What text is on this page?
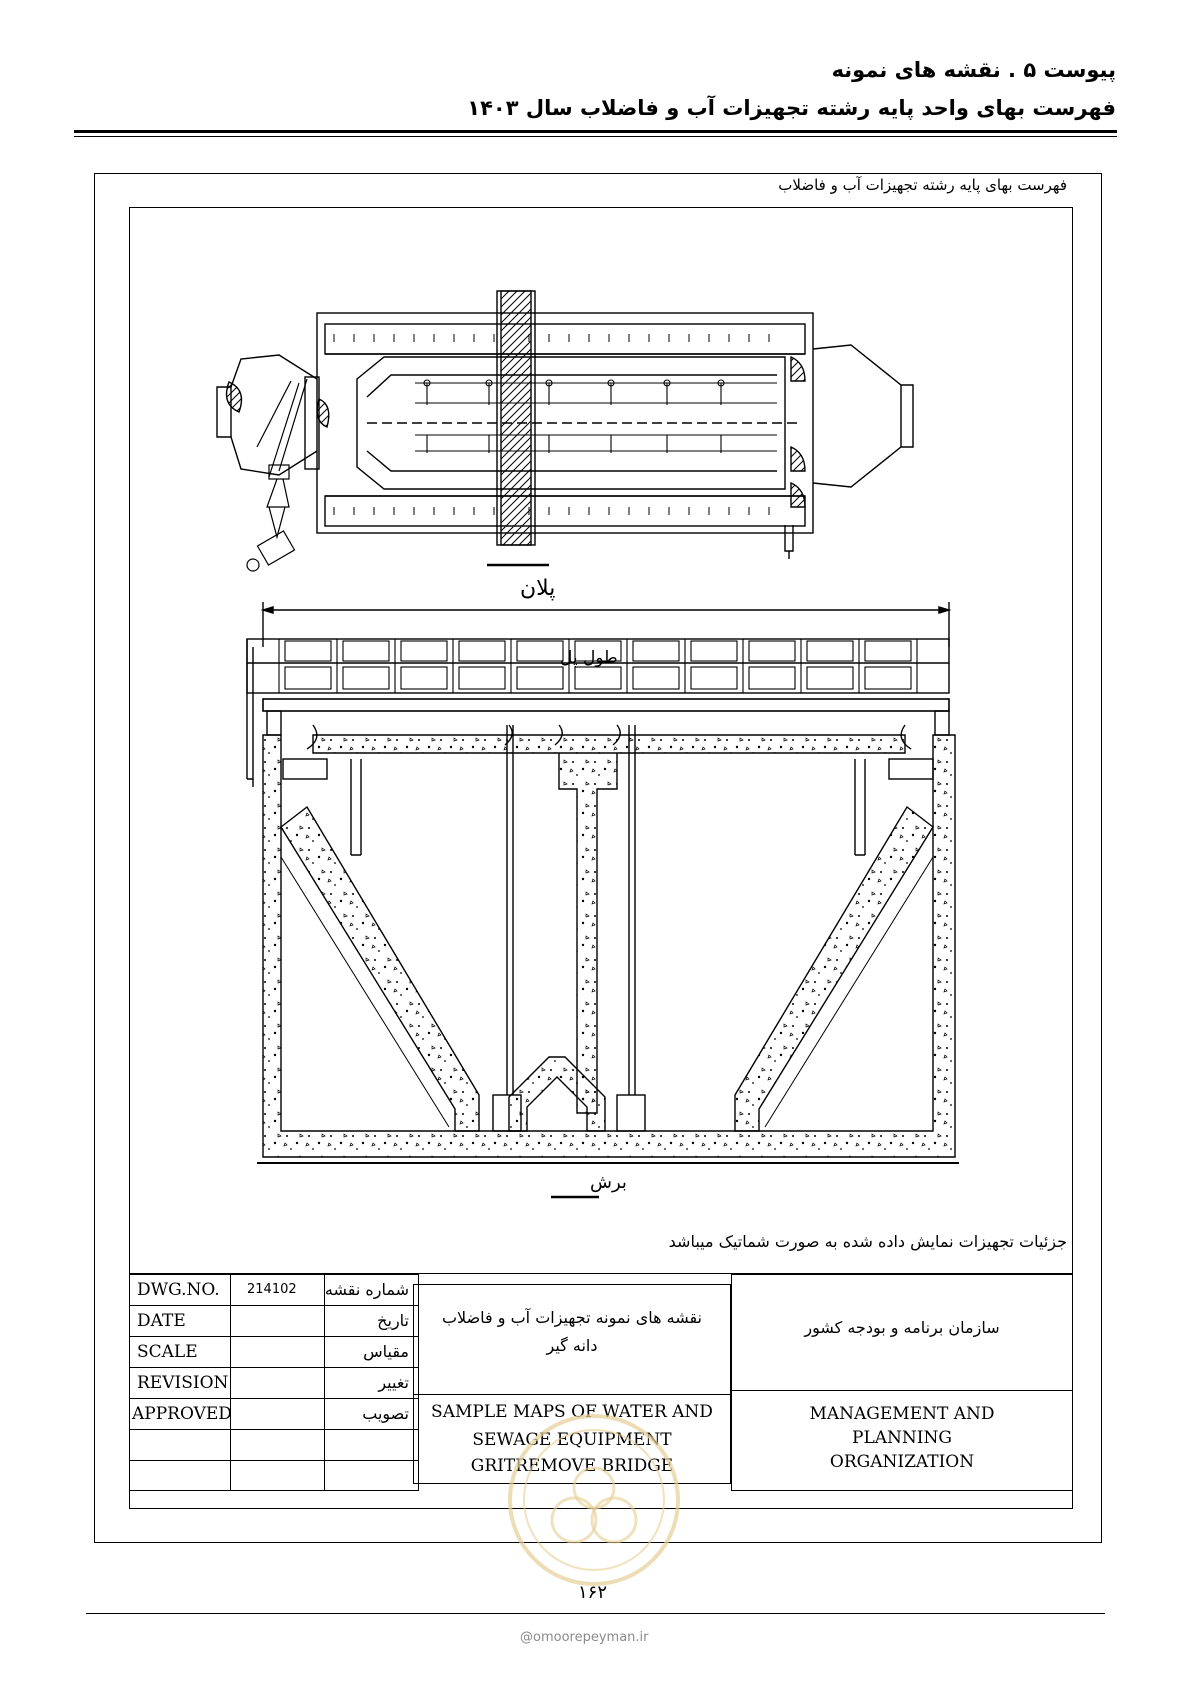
پیوست ۵ . نقشه های نمونه
فهرست بهای واحد پایه رشته تجهیزات آب و فاضلاب سال ۱۴۰۳
فهرست بهای پایه رشته تجهیزات آب و فاضلاب
پلان
طول پل
برش
جزئیات تجهیزات نمایش داده شده به صورت شماتیک میباشد
DWG.NO. 214102 شماره نقشه
DATE	تاریخ
SCALE	مقیاس
REVISION	تغییر
APPROVED	تصویب
نقشه های نمونه تجهیزات آب و فاضلاب
دانه گیر
SAMPLE MAPS OF WATER AND
SEWAGE EQUIPMENT
GRITREMOVE BRIDGE
سازمان برنامه و بودجه کشور
MANAGEMENT AND
PLANNING
ORGANIZATION
۱۶۲
@omoorepeyman.ir
